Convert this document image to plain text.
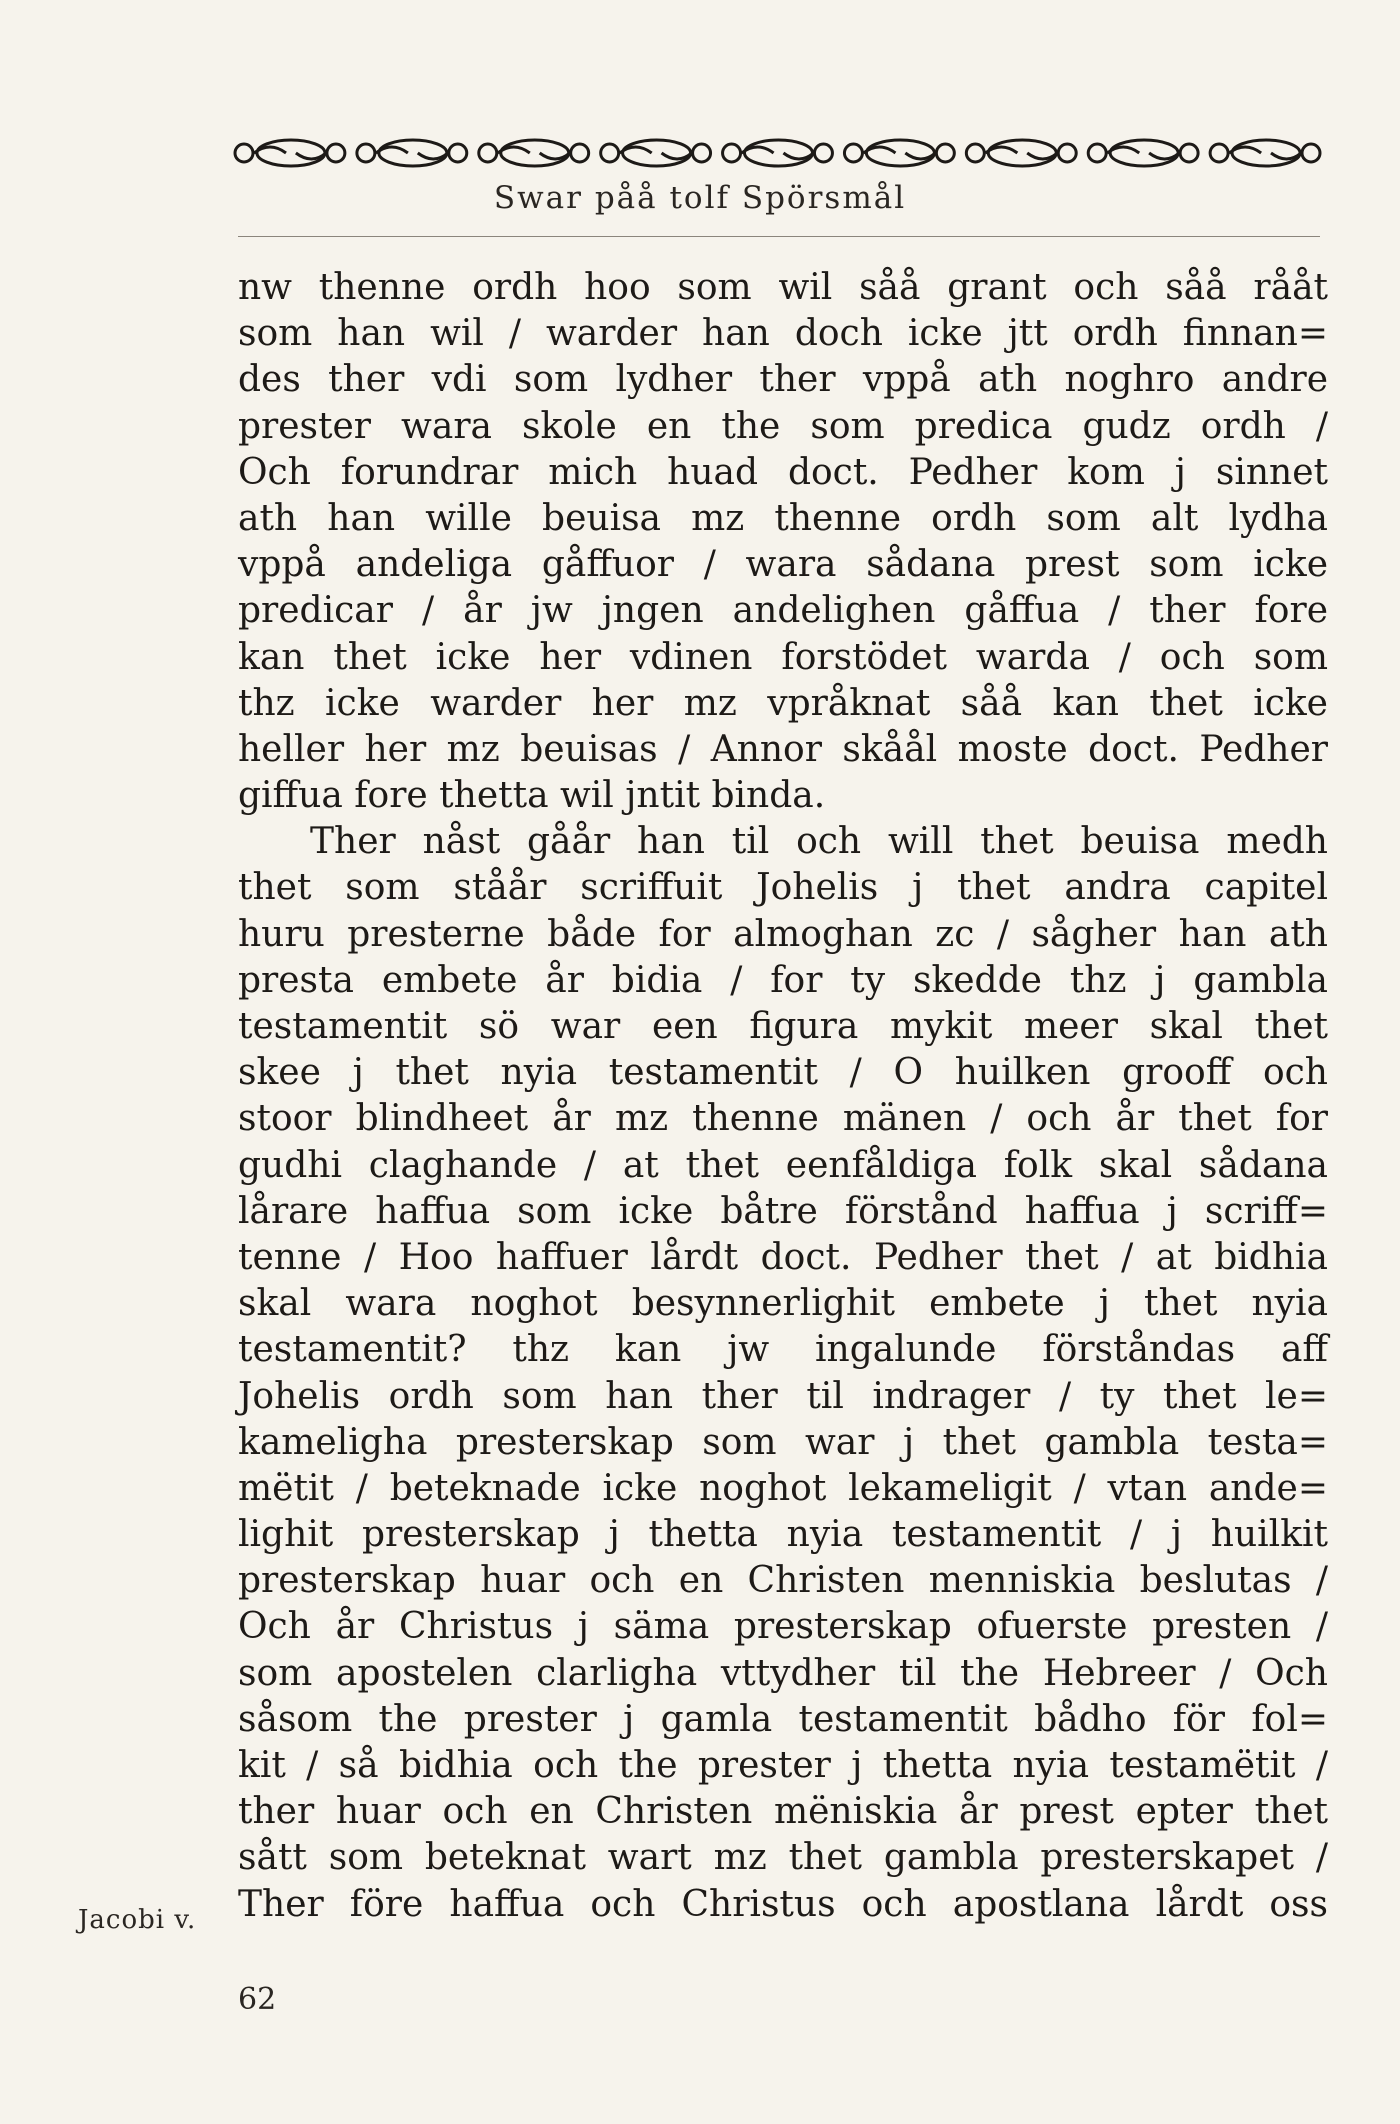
Swar påå tolf Spörsmål
nw thenne ordh hoo som wil såå grant och såå rååt
som han wil / warder han doch icke jtt ordh finnan=
des ther vdi som lydher ther vppå ath noghro andre
prester wara skole en the som predica gudz ordh /
Och forundrar mich huad doct. Pedher kom j sinnet
ath han wille beuisa mz thenne ordh som alt lydha
vppå andeliga gåffuor / wara sådana prest som icke
predicar / år jw jngen andelighen gåffua / ther fore
kan thet icke her vdinen forstödet warda / och som
thz icke warder her mz vpråknat såå kan thet icke
heller her mz beuisas / Annor skåål moste doct. Pedher
giffua fore thetta wil jntit binda.
Ther nåst gåår han til och will thet beuisa medh
thet som ståår scriffuit Johelis j thet andra capitel
huru presterne både for almoghan zc / sågher han ath
presta embete år bidia / for ty skedde thz j gambla
testamentit sö war een figura mykit meer skal thet
skee j thet nyia testamentit / O huilken grooff och
stoor blindheet år mz thenne mänen / och år thet for
gudhi claghande / at thet eenfåldiga folk skal sådana
lårare haffua som icke båtre förstånd haffua j scriff=
tenne / Hoo haffuer lårdt doct. Pedher thet / at bidhia
skal wara noghot besynnerlighit embete j thet nyia
testamentit? thz kan jw ingalunde förståndas aff
Johelis ordh som han ther til indrager / ty thet le=
kameligha presterskap som war j thet gambla testa=
mëtit / beteknade icke noghot lekameligit / vtan ande=
lighit presterskap j thetta nyia testamentit / j huilkit
presterskap huar och en Christen menniskia beslutas /
Och år Christus j säma presterskap ofuerste presten /
som apostelen clarligha vttydher til the Hebreer / Och
såsom the prester j gamla testamentit bådho för fol=
kit / så bidhia och the prester j thetta nyia testamëtit /
ther huar och en Christen mëniskia år prest epter thet
sått som beteknat wart mz thet gambla presterskapet /
Ther före haffua och Christus och apostlana lårdt oss
Jacobi v.
62
